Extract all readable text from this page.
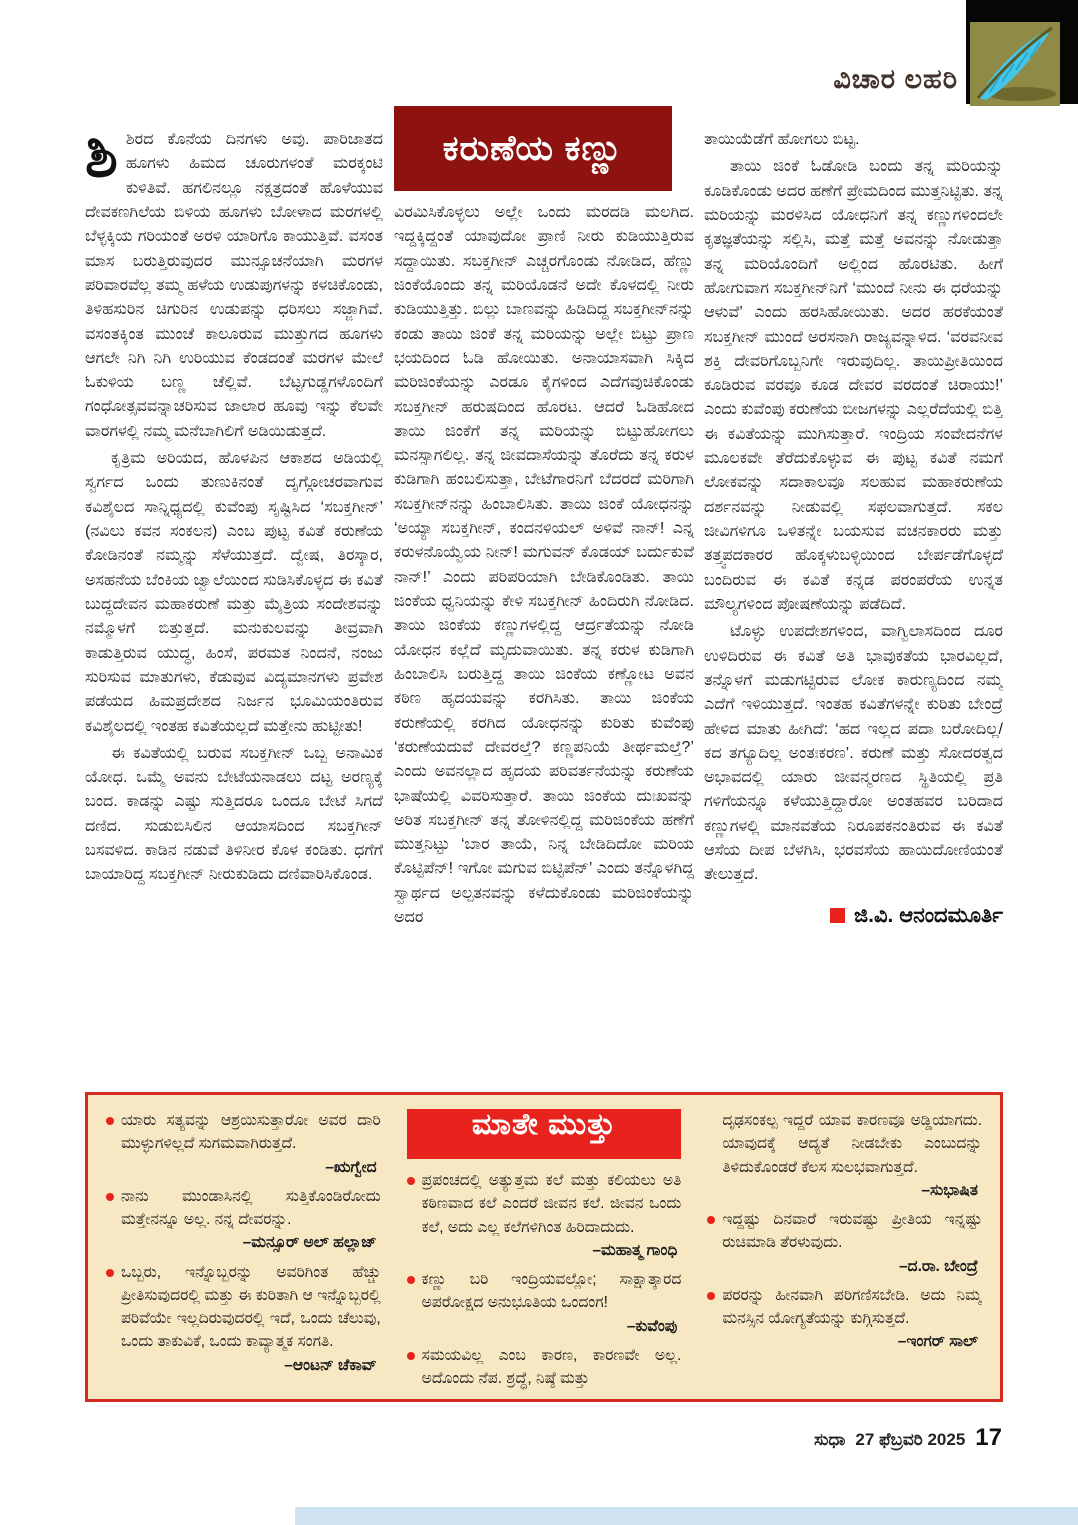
ವಿಚಾರ ಲಹರಿ
ಕರುಣೆಯ ಕಣ್ಣು

ಶಿಶಿರದ ಕೊನೆಯ ದಿನಗಳು ಅವು. ಪಾರಿಜಾತದ ಹೂಗಳು ಹಿಮದ ಚೂರುಗಳಂತೆ ಮರಕ್ಕಂಟಿ ಕುಳಿತಿವೆ. ಹಗಲಿನಲ್ಲೂ ನಕ್ಷತ್ರದಂತೆ ಹೊಳೆಯುವ ದೇವಕಣಗಿಲೆಯ ಬಿಳಿಯ ಹೂಗಳು ಬೋಳಾದ ಮರಗಳಲ್ಲಿ ಬೆಳ್ಳಕ್ಕಿಯ ಗರಿಯಂತೆ ಅರಳಿ ಯಾರಿಗೊ ಕಾಯುತ್ತಿವೆ. ವಸಂತ ಮಾಸ ಬರುತ್ತಿರುವುದರ ಮುನ್ಸೂಚನೆಯಾಗಿ ಮರಗಳ ಪರಿವಾರವೆಲ್ಲ ತಮ್ಮ ಹಳೆಯ ಉಡುಪುಗಳನ್ನು ಕಳಚಿಕೊಂಡು, ತಿಳಿಹಸುರಿನ ಚಿಗುರಿನ ಉಡುಪನ್ನು ಧರಿಸಲು ಸಜ್ಜಾಗಿವೆ. ವಸಂತಕ್ಕಿಂತ ಮುಂಚೆ ಕಾಲೂರುವ ಮುತ್ತುಗದ ಹೂಗಳು ಆಗಲೇ ನಿಗಿ ನಿಗಿ ಉರಿಯುವ ಕೆಂಡದಂತೆ ಮರಗಳ ಮೇಲೆ ಓಕುಳಿಯ ಬಣ್ಣ ಚೆಲ್ಲಿವೆ. ಬೆಟ್ಟಗುಡ್ಡಗಳೊಂದಿಗೆ ಗಂಧೋತ್ಸವವನ್ನಾಚರಿಸುವ ಜಾಲಾರ ಹೂವು ಇನ್ನು ಕೆಲವೇ ವಾರಗಳಲ್ಲಿ ನಮ್ಮ ಮನೆಬಾಗಿಲಿಗೆ ಅಡಿಯಿಡುತ್ತದೆ.

ಕೃತ್ರಿಮ ಅರಿಯದ, ಹೊಳಪಿನ ಆಕಾಶದ ಅಡಿಯಲ್ಲಿ ಸ್ವರ್ಗದ ಒಂದು ತುಣುಕಿನಂತೆ ದೃಗ್ಗೋಚರವಾಗುವ ಕವಿಶೈಲದ ಸಾನ್ನಿಧ್ಯದಲ್ಲಿ ಕುವೆಂಪು ಸೃಷ್ಟಿಸಿದ ‘ಸಬಕ್ತಗೀನ್’ (ನವಿಲು ಕವನ ಸಂಕಲನ) ಎಂಬ ಪುಟ್ಟ ಕವಿತೆ ಕರುಣೆಯ ಕೋಡಿನಂತೆ ನಮ್ಮನ್ನು ಸೆಳೆಯುತ್ತದೆ. ದ್ವೇಷ, ತಿರಸ್ಕಾರ, ಅಸಹನೆಯ ಬೆಂಕಿಯ ಜ್ವಾಲೆಯಿಂದ ಸುಡಿಸಿಕೊಳ್ಳದ ಈ ಕವಿತೆ ಬುದ್ಧದೇವನ ಮಹಾಕರುಣೆ ಮತ್ತು ಮೈತ್ರಿಯ ಸಂದೇಶವನ್ನು ನಮ್ಮೊಳಗೆ ಬಿತ್ತುತ್ತದೆ. ಮನುಕುಲವನ್ನು ತೀವ್ರವಾಗಿ ಕಾಡುತ್ತಿರುವ ಯುದ್ಧ, ಹಿಂಸೆ, ಪರಮತ ನಿಂದನೆ, ನಂಜು ಸುರಿಸುವ ಮಾತುಗಳು, ಕೆಡುವುವ ವಿದ್ಯಮಾನಗಳು ಪ್ರವೇಶ ಪಡೆಯದ ಹಿಮಪ್ರದೇಶದ ನಿರ್ಜನ ಭೂಮಿಯಂತಿರುವ ಕವಿಶೈಲದಲ್ಲಿ ಇಂತಹ ಕವಿತೆಯಲ್ಲದೆ ಮತ್ತೇನು ಹುಟ್ಟೀತು!

ಈ ಕವಿತೆಯಲ್ಲಿ ಬರುವ ಸಬಕ್ತಗೀನ್ ಒಬ್ಬ ಅನಾಮಿಕ ಯೋಧ. ಒಮ್ಮೆ ಅವನು ಬೇಟೆಯನಾಡಲು ದಟ್ಟ ಅರಣ್ಯಕ್ಕೆ ಬಂದ. ಕಾಡನ್ನು ಎಷ್ಟು ಸುತ್ತಿದರೂ ಒಂದೂ ಬೇಟೆ ಸಿಗದೆ ದಣಿದ. ಸುಡುಬಿಸಿಲಿನ ಆಯಾಸದಿಂದ ಸಬಕ್ತಗೀನ್ ಬಸವಳಿದ. ಕಾಡಿನ ನಡುವೆ ತಿಳಿನೀರ ಕೊಳ ಕಂಡಿತು. ಧಗೆಗೆ ಬಾಯಾರಿದ್ದ ಸಬಕ್ತಗೀನ್ ನೀರುಕುಡಿದು ದಣಿವಾರಿಸಿಕೊಂಡ.

ವಿರಮಿಸಿಕೊಳ್ಳಲು ಅಲ್ಲೇ ಒಂದು ಮರದಡಿ ಮಲಗಿದ. ಇದ್ದಕ್ಕಿದ್ದಂತೆ ಯಾವುದೋ ಪ್ರಾಣಿ ನೀರು ಕುಡಿಯುತ್ತಿರುವ ಸದ್ದಾಯಿತು. ಸಬಕ್ತಗೀನ್ ಎಚ್ಚರಗೊಂಡು ನೋಡಿದ, ಹೆಣ್ಣು ಜಿಂಕೆಯೊಂದು ತನ್ನ ಮರಿಯೊಡನೆ ಅದೇ ಕೊಳದಲ್ಲಿ ನೀರು ಕುಡಿಯುತ್ತಿತ್ತು. ಬಿಲ್ಲು ಬಾಣವನ್ನು ಹಿಡಿದಿದ್ದ ಸಬಕ್ತಗೀನ್‌ನನ್ನು ಕಂಡು ತಾಯಿ ಜಿಂಕೆ ತನ್ನ ಮರಿಯನ್ನು ಅಲ್ಲೇ ಬಿಟ್ಟು ಪ್ರಾಣ ಭಯದಿಂದ ಓಡಿ ಹೋಯಿತು. ಅನಾಯಾಸವಾಗಿ ಸಿಕ್ಕಿದ ಮರಿಜಿಂಕೆಯನ್ನು ಎರಡೂ ಕೈಗಳಿಂದ ಎದೆಗವುಚಿಕೊಂಡು ಸಬಕ್ತಗೀನ್ ಹರುಷದಿಂದ ಹೊರಟ. ಆದರೆ ಓಡಿಹೋದ ತಾಯಿ ಜಿಂಕೆಗೆ ತನ್ನ ಮರಿಯನ್ನು ಬಿಟ್ಟುಹೋಗಲು ಮನಸ್ಸಾಗಲಿಲ್ಲ. ತನ್ನ ಜೀವದಾಸೆಯನ್ನು ತೊರೆದು ತನ್ನ ಕರುಳ ಕುಡಿಗಾಗಿ ಹಂಬಲಿಸುತ್ತಾ, ಬೇಟೆಗಾರನಿಗೆ ಬೆದರದೆ ಮರಿಗಾಗಿ ಸಬಕ್ತಗೀನ್‌ನನ್ನು ಹಿಂಬಾಲಿಸಿತು. ತಾಯಿ ಜಿಂಕೆ ಯೋಧನನ್ನು ‘ಅಯ್ಯಾ ಸಬಕ್ತಗೀನ್, ಕಂದನಳಿಯಲ್ ಅಳಿವೆ ನಾನ್! ಎನ್ನ ಕರುಳನೊಯ್ವೆಯ ನೀನ್! ಮಗುವನ್ ಕೊಡಯ್ ಬರ್ದುಕುವೆ ನಾನ್!’ ಎಂದು ಪರಿಪರಿಯಾಗಿ ಬೇಡಿಕೊಂಡಿತು. ತಾಯಿ ಜಿಂಕೆಯ ಧ್ವನಿಯನ್ನು ಕೇಳಿ ಸಬಕ್ತಗೀನ್ ಹಿಂದಿರುಗಿ ನೋಡಿದ. ತಾಯಿ ಜಿಂಕೆಯ ಕಣ್ಣುಗಳಲ್ಲಿದ್ದ ಆರ್ದ್ರತೆಯನ್ನು ನೋಡಿ ಯೋಧನ ಕಲ್ಲೆದೆ ಮೃದುವಾಯಿತು. ತನ್ನ ಕರುಳ ಕುಡಿಗಾಗಿ ಹಿಂಬಾಲಿಸಿ ಬರುತ್ತಿದ್ದ ತಾಯಿ ಜಿಂಕೆಯ ಕಣ್ಣೋಟ ಅವನ ಕಠಿಣ ಹೃದಯವನ್ನು ಕರಗಿಸಿತು. ತಾಯಿ ಜಿಂಕೆಯ ಕರುಣೆಯಲ್ಲಿ ಕರಗಿದ ಯೋಧನನ್ನು ಕುರಿತು ಕುವೆಂಪು ‘ಕರುಣೆಯದುವೆ ದೇವರಲ್ತೆ? ಕಣ್ಣಪನಿಯೆ ತೀರ್ಥಮಲ್ತೆ?’ ಎಂದು ಅವನಲ್ಲಾದ ಹೃದಯ ಪರಿವರ್ತನೆಯನ್ನು ಕರುಣೆಯ ಭಾಷೆಯಲ್ಲಿ ವಿವರಿಸುತ್ತಾರೆ. ತಾಯಿ ಜಿಂಕೆಯ ದುಃಖವನ್ನು ಅರಿತ ಸಬಕ್ತಗೀನ್ ತನ್ನ ತೋಳಿನಲ್ಲಿದ್ದ ಮರಿಜಿಂಕೆಯ ಹಣೆಗೆ ಮುತ್ತನಿಟ್ಟು ‘ಬಾರ ತಾಯೆ, ನಿನ್ನ ಬೇಡಿದಿದೋ ಮರಿಯ ಕೊಟ್ಟಿಪೆನ್! ಇಗೋ ಮಗುವ ಬಿಟ್ಟಿಪೆನ್’ ಎಂದು ತನ್ನೊಳಗಿದ್ದ ಸ್ವಾರ್ಥದ ಅಲ್ಪತನವನ್ನು ಕಳೆದುಕೊಂಡು ಮರಿಜಿಂಕೆಯನ್ನು ಅದರ

ತಾಯಿಯೆಡೆಗೆ ಹೋಗಲು ಬಿಟ್ಟ.

ತಾಯಿ ಜಿಂಕೆ ಓಡೋಡಿ ಬಂದು ತನ್ನ ಮರಿಯನ್ನು ಕೂಡಿಕೊಂಡು ಅದರ ಹಣೆಗೆ ಪ್ರೇಮದಿಂದ ಮುತ್ತನಿಟ್ಟಿತು. ತನ್ನ ಮರಿಯನ್ನು ಮರಳಿಸಿದ ಯೋಧನಿಗೆ ತನ್ನ ಕಣ್ಣುಗಳಿಂದಲೇ ಕೃತಜ್ಞತೆಯನ್ನು ಸಲ್ಲಿಸಿ, ಮತ್ತೆ ಮತ್ತೆ ಅವನನ್ನು ನೋಡುತ್ತಾ ತನ್ನ ಮರಿಯೊಂದಿಗೆ ಅಲ್ಲಿಂದ ಹೊರಟಿತು. ಹೀಗೆ ಹೋಗುವಾಗ ಸಬಕ್ತಗೀನ್‌ನಿಗೆ ‘ಮುಂದೆ ನೀನು ಈ ಧರೆಯನ್ನು ಆಳುವೆ’ ಎಂದು ಹರಸಿಹೋಯಿತು. ಅದರ ಹರಕೆಯಂತೆ ಸಬಕ್ತಗೀನ್ ಮುಂದೆ ಅರಸನಾಗಿ ರಾಜ್ಯವನ್ನಾಳಿದ. ‘ವರವನೀವ ಶಕ್ತಿ ದೇವರಿಗೊಬ್ಬನಿಗೇ ಇರುವುದಿಲ್ಲ. ತಾಯಿಪ್ರೀತಿಯಿಂದ ಕೂಡಿರುವ ವರವೂ ಕೂಡ ದೇವರ ವರದಂತೆ ಚಿರಾಯು!’ ಎಂದು ಕುವೆಂಪು ಕರುಣೆಯ ಬೀಜಗಳನ್ನು ಎಲ್ಲರೆದೆಯಲ್ಲಿ ಬಿತ್ತಿ ಈ ಕವಿತೆಯನ್ನು ಮುಗಿಸುತ್ತಾರೆ. ಇಂದ್ರಿಯ ಸಂವೇದನೆಗಳ ಮೂಲಕವೇ ತೆರೆದುಕೊಳ್ಳುವ ಈ ಪುಟ್ಟ ಕವಿತೆ ನಮಗೆ ಲೋಕವನ್ನು ಸದಾಕಾಲವೂ ಸಲಹುವ ಮಹಾಕರುಣೆಯ ದರ್ಶನವನ್ನು ನೀಡುವಲ್ಲಿ ಸಫಲವಾಗುತ್ತದೆ. ಸಕಲ ಜೀವಿಗಳಿಗೂ ಒಳಿತನ್ನೇ ಬಯಸುವ ವಚನಕಾರರು ಮತ್ತು ತತ್ತ್ವಪದಕಾರರ ಹೊಕ್ಕಳುಬಳ್ಳಿಯಿಂದ ಬೇರ್ಪಡೆಗೊಳ್ಳದೆ ಬಂದಿರುವ ಈ ಕವಿತೆ ಕನ್ನಡ ಪರಂಪರೆಯ ಉನ್ನತ ಮೌಲ್ಯಗಳಿಂದ ಪೋಷಣೆಯನ್ನು ಪಡೆದಿದೆ.

ಟೊಳ್ಳು ಉಪದೇಶಗಳಿಂದ, ವಾಗ್ವಿಲಾಸದಿಂದ ದೂರ ಉಳಿದಿರುವ ಈ ಕವಿತೆ ಅತಿ ಭಾವುಕತೆಯ ಭಾರವಿಲ್ಲದೆ, ತನ್ನೊಳಗೆ ಮಡುಗಟ್ಟಿರುವ ಲೋಕ ಕಾರುಣ್ಯದಿಂದ ನಮ್ಮ ಎದೆಗೆ ಇಳಿಯುತ್ತದೆ. ಇಂತಹ ಕವಿತೆಗಳನ್ನೇ ಕುರಿತು ಬೇಂದ್ರೆ ಹೇಳಿದ ಮಾತು ಹೀಗಿದೆ: ‘ಹದ ಇಲ್ಲದ ಪದಾ ಬರೋದಿಲ್ಲ/ ಕದ ತಗ್ಯೂದಿಲ್ಲ ಅಂತಃಕರಣ’. ಕರುಣೆ ಮತ್ತು ಸೋದರತ್ವದ ಅಭಾವದಲ್ಲಿ ಯಾರು ಜೀವನ್ಮರಣದ ಸ್ಥಿತಿಯಲ್ಲಿ ಪ್ರತಿ ಗಳಿಗೆಯನ್ನೂ ಕಳೆಯುತ್ತಿದ್ದಾರೋ ಅಂತಹವರ ಬರಿದಾದ ಕಣ್ಣುಗಳಲ್ಲಿ ಮಾನವತೆಯ ನಿರೂಪಕನಂತಿರುವ ಈ ಕವಿತೆ ಆಸೆಯ ದೀಪ ಬೆಳಗಿಸಿ, ಭರವಸೆಯ ಹಾಯಿದೋಣಿಯಂತೆ ತೇಲುತ್ತದೆ.

ಜಿ.ವಿ. ಆನಂದಮೂರ್ತಿ
ಯಾರು ಸತ್ಯವನ್ನು ಆಶ್ರಯಿಸುತ್ತಾರೋ ಅವರ ದಾರಿ ಮುಳ್ಳುಗಳಿಲ್ಲದೆ ಸುಗಮವಾಗಿರುತ್ತದೆ.
–ಋಗ್ವೇದ
ನಾನು ಮುಂಡಾಸಿನಲ್ಲಿ ಸುತ್ತಿಕೊಂಡಿರೋದು ಮತ್ತೇನನ್ನೂ ಅಲ್ಲ. ನನ್ನ ದೇವರನ್ನು.
–ಮನ್ಸೂರ್ ಅಲ್ ಹಲ್ಲಾಜ್
ಒಬ್ಬರು, ಇನ್ನೊಬ್ಬರನ್ನು ಅವರಿಗಿಂತ ಹೆಚ್ಚು ಪ್ರೀತಿಸುವುದರಲ್ಲಿ ಮತ್ತು ಈ ಕುರಿತಾಗಿ ಆ ಇನ್ನೊಬ್ಬರಲ್ಲಿ ಪರಿವೆಯೇ ಇಲ್ಲದಿರುವುದರಲ್ಲಿ ಇದೆ, ಒಂದು ಚೆಲುವು, ಒಂದು ತಾಕುವಿಕೆ, ಒಂದು ಕಾವ್ಯಾತ್ಮಕ ಸಂಗತಿ.
–ಆಂಟನ್ ಚೆಕಾವ್
ಮಾತೇ ಮುತ್ತು
ಪ್ರಪಂಚದಲ್ಲಿ ಅತ್ಯುತ್ತಮ ಕಲೆ ಮತ್ತು ಕಲಿಯಲು ಅತಿ ಕಠಿಣವಾದ ಕಲೆ ಎಂದರೆ ಜೀವನ ಕಲೆ. ಜೀವನ ಒಂದು ಕಲೆ, ಅದು ಎಲ್ಲ ಕಲೆಗಳಿಗಿಂತ ಹಿರಿದಾದುದು.
–ಮಹಾತ್ಮ ಗಾಂಧಿ
ಕಣ್ಣು ಬರಿ ಇಂದ್ರಿಯವಲ್ಲೋ; ಸಾಕ್ಷಾತ್ಕಾರದ ಅಪರೋಕ್ಷದ ಅನುಭೂತಿಯ ಒಂದಂಗ!
–ಕುವೆಂಪು
ಸಮಯವಿಲ್ಲ ಎಂಬ ಕಾರಣ, ಕಾರಣವೇ ಅಲ್ಲ. ಅದೊಂದು ನೆಪ. ಶ್ರದ್ಧೆ, ನಿಷ್ಠೆ ಮತ್ತು
ದೃಢಸಂಕಲ್ಪ ಇದ್ದರೆ ಯಾವ ಕಾರಣವೂ ಅಡ್ಡಿಯಾಗದು. ಯಾವುದಕ್ಕೆ ಆದ್ಯತೆ ನೀಡಬೇಕು ಎಂಬುದನ್ನು ತಿಳಿದುಕೊಂಡರೆ ಕೆಲಸ ಸುಲಭವಾಗುತ್ತದೆ.
–ಸುಭಾಷಿತ
ಇದ್ದಷ್ಟು ದಿನವಾರೆ ಇರುವಷ್ಟು ಪ್ರೀತಿಯ ಇನ್ನಷ್ಟು ರುಚಿಮಾಡಿ ತೆರಳುವುದು.
–ದ.ರಾ. ಬೇಂದ್ರೆ
ಪರರನ್ನು ಹೀನವಾಗಿ ಪರಿಗಣಿಸಬೇಡಿ. ಅದು ನಿಮ್ಮ ಮನಸ್ಸಿನ ಯೋಗ್ಯತೆಯನ್ನು ಕುಗ್ಗಿಸುತ್ತದೆ.
–ಇಂಗರ್ ಸಾಲ್
ಸುಧಾ 27 ಫೆಬ್ರವರಿ 2025 17
